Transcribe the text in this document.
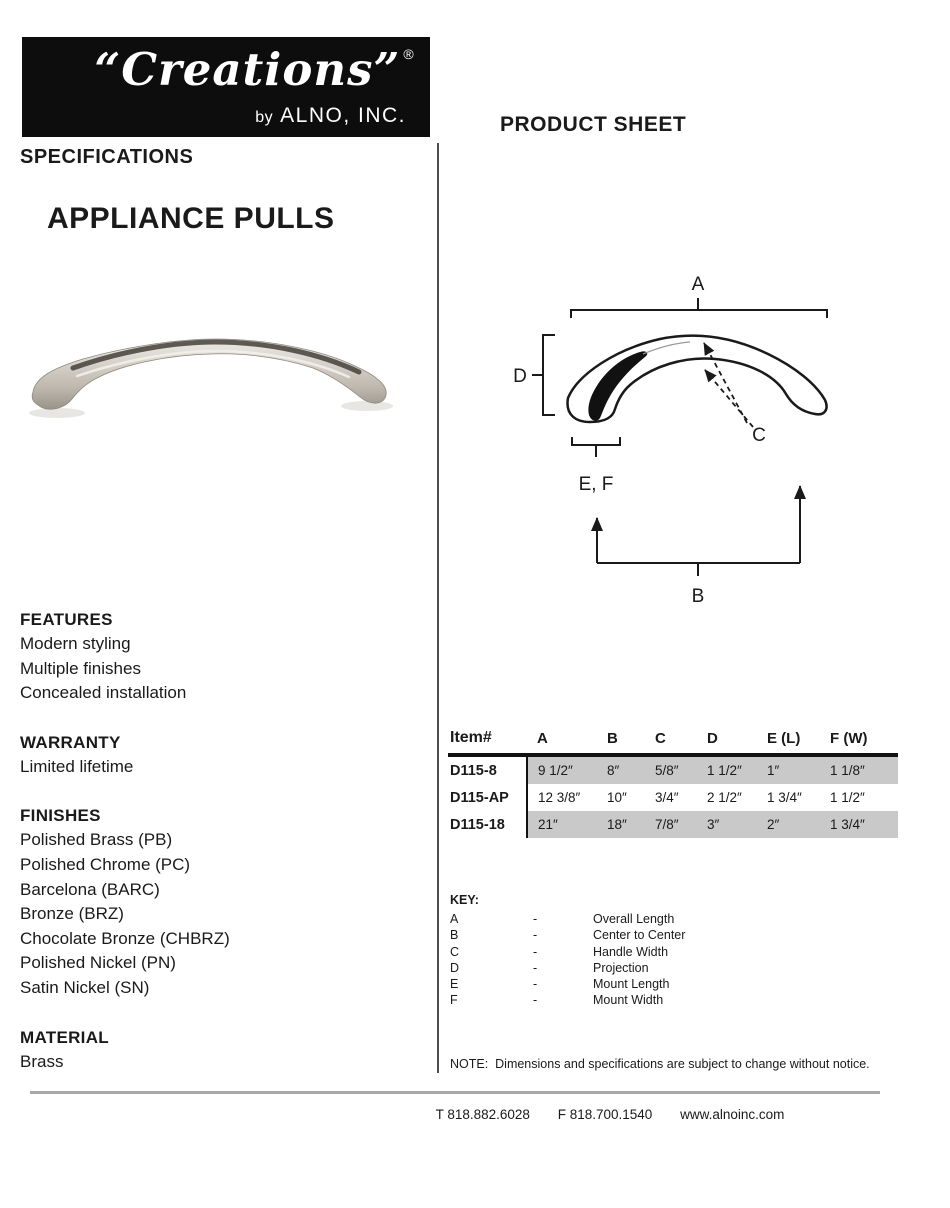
“Creations” ®
by ALNO, INC.
SPECIFICATIONS
APPLIANCE PULLS
FEATURES
Modern styling
Multiple finishes
Concealed installation
WARRANTY
Limited lifetime
FINISHES
Polished Brass (PB)
Polished Chrome (PC)
Barcelona (BARC)
Bronze (BRZ)
Chocolate Bronze (CHBRZ)
Polished Nickel (PN)
Satin Nickel (SN)
MATERIAL
Brass
PRODUCT SHEET
A
D
C
E, F
B
Item#	A	B	C	D	E (L)	F (W)
D115-8	9 1/2″	8″	5/8″	1 1/2″	1″	1 1/8″
D115-AP	12 3/8″	10″	3/4″	2 1/2″	1 3/4″	1 1/2″
D115-18	21″	18″	7/8″	3″	2″	1 3/4″
KEY:
A	-	Overall Length
B	-	Center to Center
C	-	Handle Width
D	-	Projection
E	-	Mount Length
F	-	Mount Width
NOTE:  Dimensions and specifications are subject to change without notice.
T 818.882.6028 F 818.700.1540 www.alnoinc.com
